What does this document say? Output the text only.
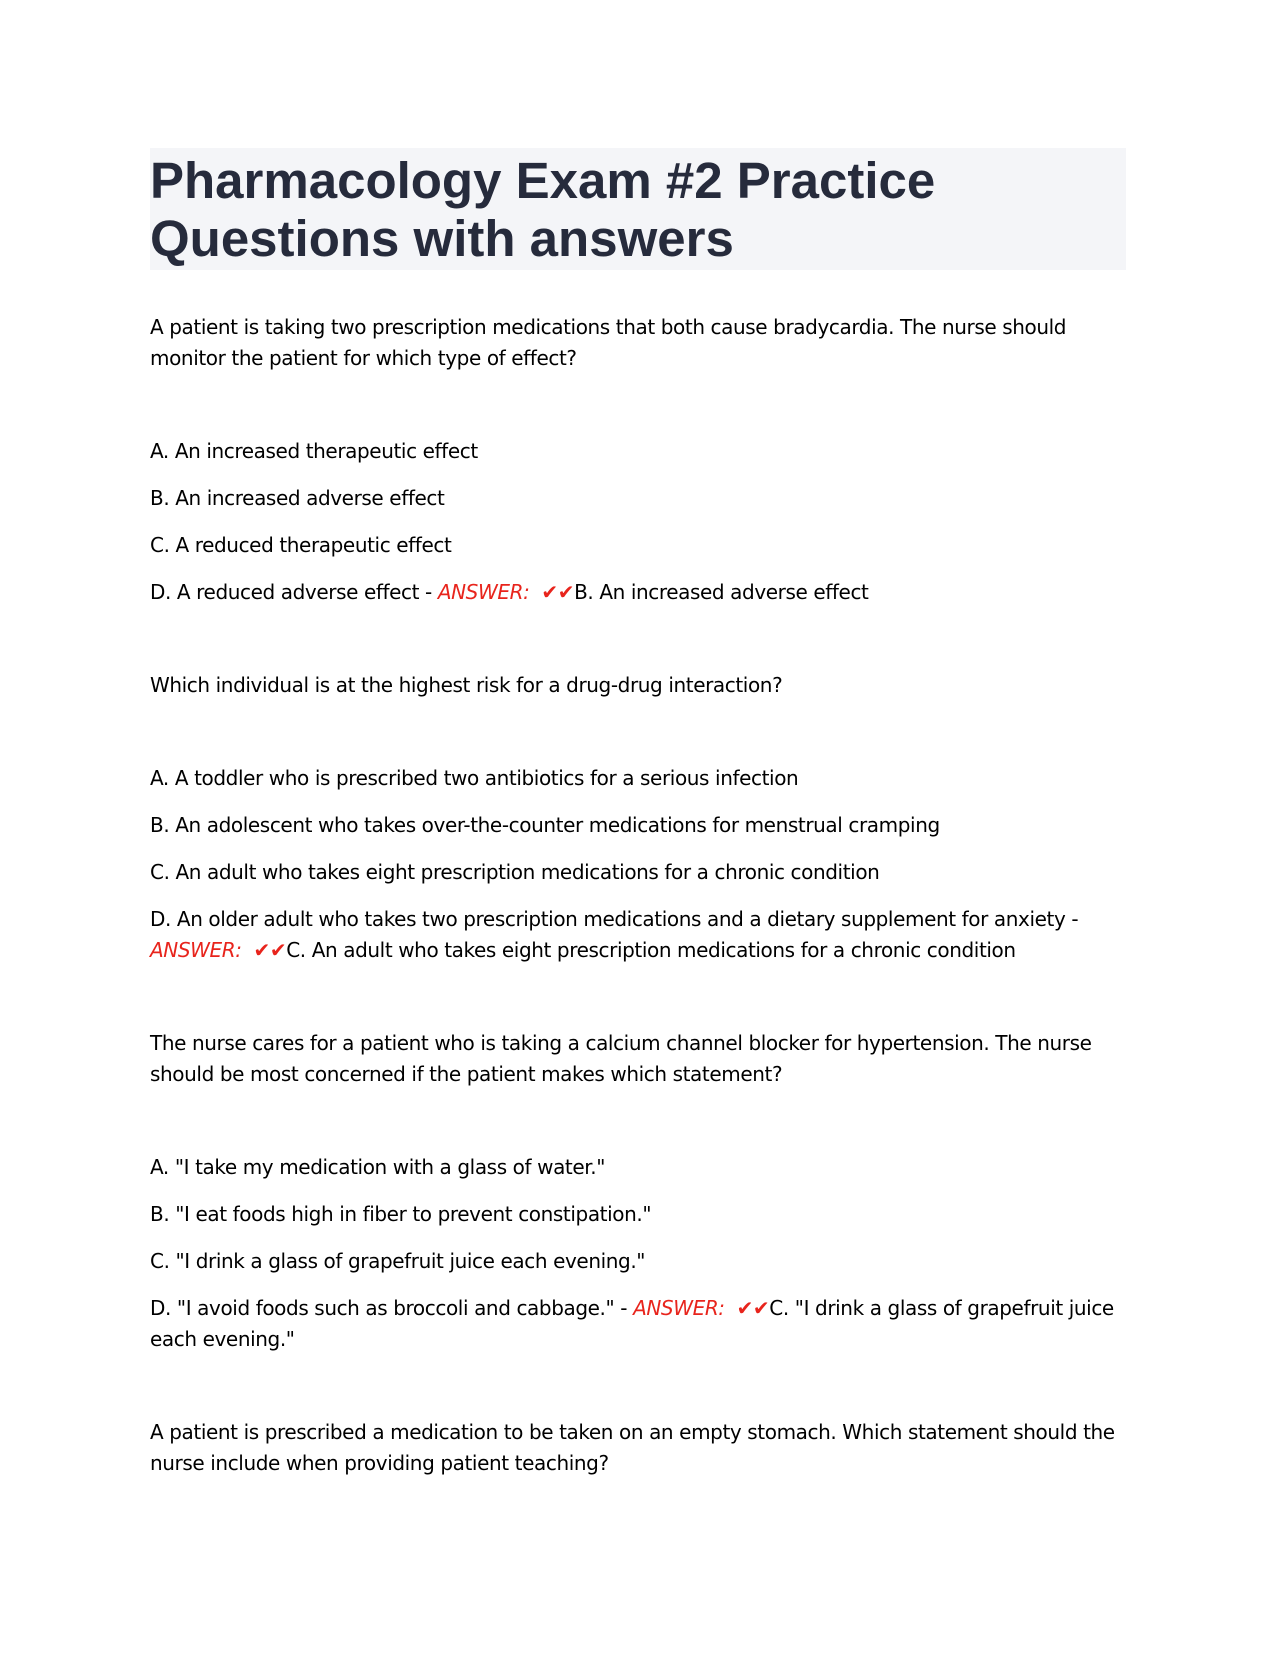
Pharmacology Exam #2 Practice Questions with answers

A patient is taking two prescription medications that both cause bradycardia. The nurse should monitor the patient for which type of effect?

A. An increased therapeutic effect

B. An increased adverse effect

C. A reduced therapeutic effect

D. A reduced adverse effect - ANSWER: ✔✔B. An increased adverse effect

Which individual is at the highest risk for a drug-drug interaction?

A. A toddler who is prescribed two antibiotics for a serious infection

B. An adolescent who takes over-the-counter medications for menstrual cramping

C. An adult who takes eight prescription medications for a chronic condition

D. An older adult who takes two prescription medications and a dietary supplement for anxiety - ANSWER: ✔✔C. An adult who takes eight prescription medications for a chronic condition

The nurse cares for a patient who is taking a calcium channel blocker for hypertension. The nurse should be most concerned if the patient makes which statement?

A. "I take my medication with a glass of water."

B. "I eat foods high in fiber to prevent constipation."

C. "I drink a glass of grapefruit juice each evening."

D. "I avoid foods such as broccoli and cabbage." - ANSWER: ✔✔C. "I drink a glass of grapefruit juice each evening."

A patient is prescribed a medication to be taken on an empty stomach. Which statement should the nurse include when providing patient teaching?
